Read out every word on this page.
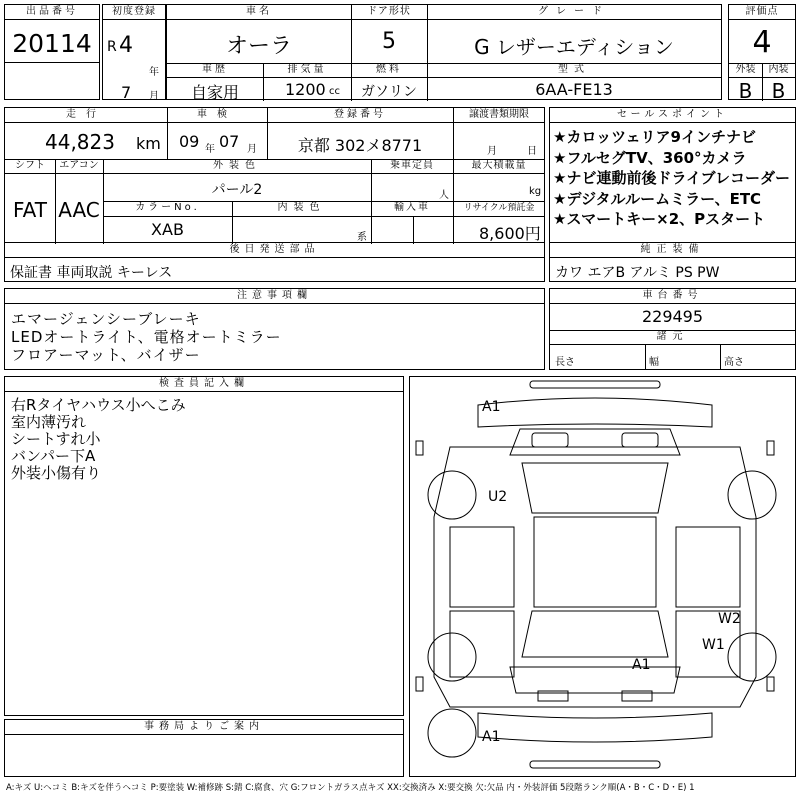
出品番号
20114
初度登録
R 4
年
7 月
車名
オーラ
ドア形状
5
グレード
G レザーエディション
車歴
自家用
排気量
1200 cc
燃料
ガソリン
型式
6AA-FE13
評価点
4
外装	内装
B B
走行
44,823 km
車検
09 年 07 月
登録番号
京都 302メ8771
譲渡書類期限
月	日
シフト
FAT
エアコン
AAC
外装色
パール2
乗車定員
人
最大積載量
kg
カラーNo.
XAB
内装色
系
輸入車	リサイクル預託金
8,600円
セールスポイント
★カロッツェリア9インチナビ
★フルセグTV、360°カメラ
★ナビ連動前後ドライブレコーダー
★デジタルルームミラー、ETC
★スマートキー×2、Pスタート
後日発送部品
保証書 車両取説 キーレス
純正装備
カワ エアB アルミ PS PW
注意事項欄
エマージェンシーブレーキ
LEDオートライト、電格オートミラー
フロアーマット、バイザー
車台番号
229495
諸元
長さ	幅	高さ
検査員記入欄
右Rタイヤハウス小へこみ
室内薄汚れ
シートすれ小
バンパー下A
外装小傷有り
事務局よりご案内
A1
U2
W2
W1
A1
A1
A:キズ U:ヘコミ B:キズを伴うヘコミ P:要塗装 W:補修跡 S:錆 C:腐食、穴 G:フロントガラス点キズ XX:交換済み X:要交換 欠:欠品 内・外装評価 5段階ランク順(A・B・C・D・E) 1
